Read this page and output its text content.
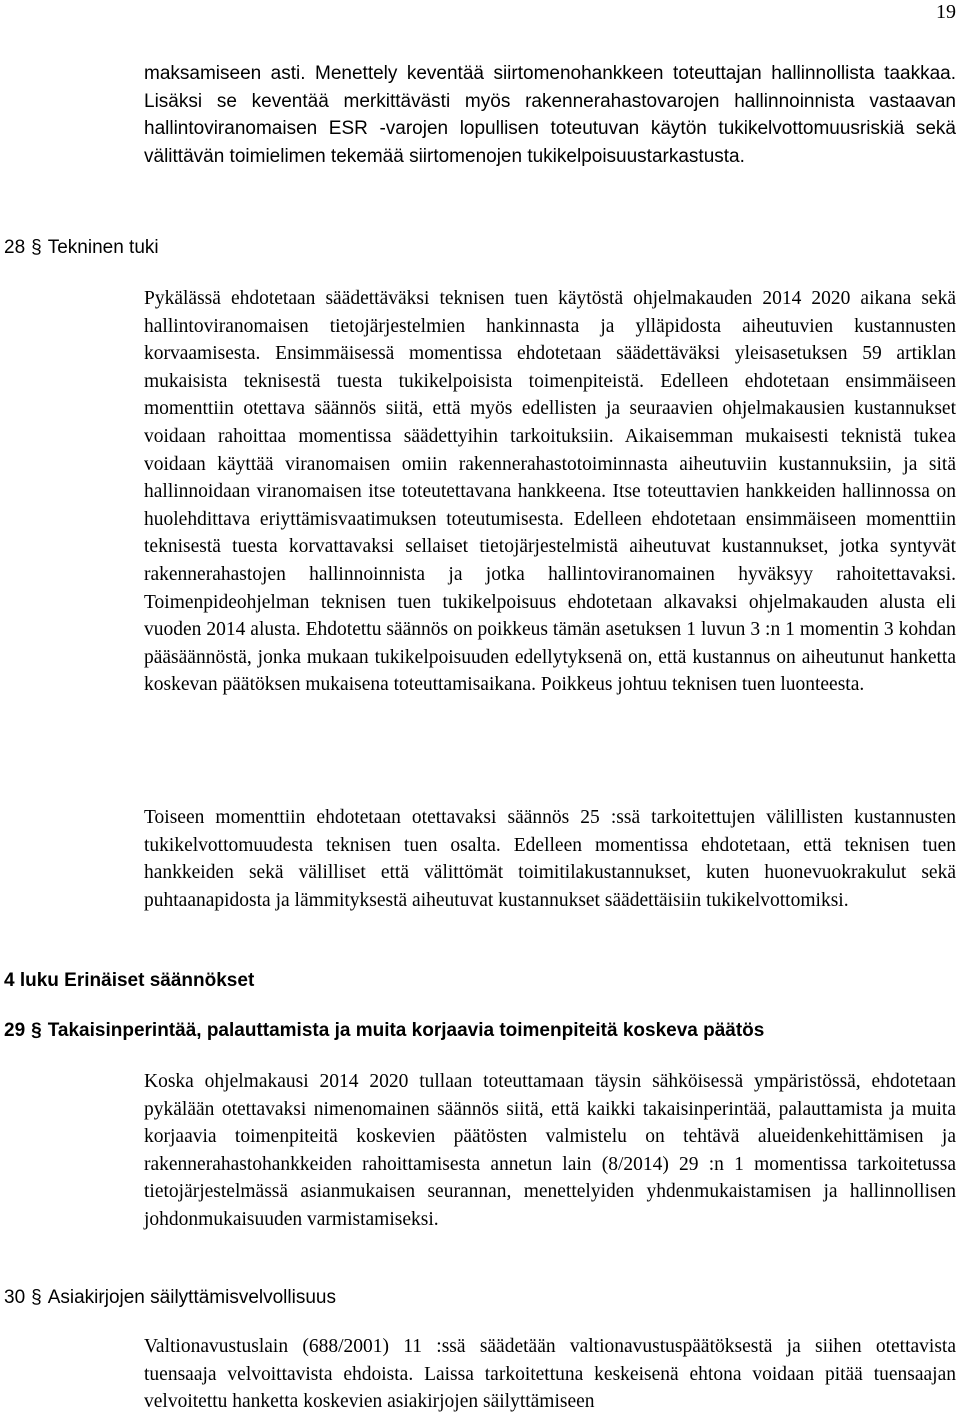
19

maksamiseen asti. Menettely keventää siirtomenohankkeen toteuttajan hallinnollista taakkaa. Lisäksi se keventää merkittävästi myös rakennerahastovarojen hallinnoinnista vastaavan hallintoviranomaisen ESR -varojen lopullisen toteutuvan käytön tukikelvottomuusriskiä sekä välittävän toimielimen tekemää siirtomenojen tukikelpoisuustarkastusta.

28 § Tekninen tuki

Pykälässä ehdotetaan säädettäväksi teknisen tuen käytöstä ohjelmakauden 2014 2020 aikana sekä hallintoviranomaisen tietojärjestelmien hankinnasta ja ylläpidosta aiheutuvien kustannusten korvaamisesta. Ensimmäisessä momentissa ehdotetaan säädettäväksi yleisasetuksen 59 artiklan mukaisista teknisestä tuesta tukikelpoisista toimenpiteistä. Edelleen ehdotetaan ensimmäiseen momenttiin otettava säännös siitä, että myös edellisten ja seuraavien ohjelmakausien kustannukset voidaan rahoittaa momentissa säädettyihin tarkoituksiin. Aikaisemman mukaisesti teknistä tukea voidaan käyttää viranomaisen omiin rakennerahastotoiminnasta aiheutuviin kustannuksiin, ja sitä hallinnoidaan viranomaisen itse toteutettavana hankkeena. Itse toteuttavien hankkeiden hallinnossa on huolehdittava eriyttämisvaatimuksen toteutumisesta. Edelleen ehdotetaan ensimmäiseen momenttiin teknisestä tuesta korvattavaksi sellaiset tietojärjestelmistä aiheutuvat kustannukset, jotka syntyvät rakennerahastojen hallinnoinnista ja jotka hallintoviranomainen hyväksyy rahoitettavaksi. Toimenpideohjelman teknisen tuen tukikelpoisuus ehdotetaan alkavaksi ohjelmakauden alusta eli vuoden 2014 alusta. Ehdotettu säännös on poikkeus tämän asetuksen 1 luvun 3 :n 1 momentin 3 kohdan pääsäännöstä, jonka mukaan tukikelpoisuuden edellytyksenä on, että kustannus on aiheutunut hanketta koskevan päätöksen mukaisena toteuttamisaikana. Poikkeus johtuu teknisen tuen luonteesta.

Toiseen momenttiin ehdotetaan otettavaksi säännös 25 :ssä tarkoitettujen välillisten kustannusten tukikelvottomuudesta teknisen tuen osalta. Edelleen momentissa ehdotetaan, että teknisen tuen hankkeiden sekä välilliset että välittömät toimitilakustannukset, kuten huonevuokrakulut sekä puhtaanapidosta ja lämmityksestä aiheutuvat kustannukset säädettäisiin tukikelvottomiksi.

4 luku Erinäiset säännökset
29 § Takaisinperintää, palauttamista ja muita korjaavia toimenpiteitä koskeva päätös

Koska ohjelmakausi 2014 2020 tullaan toteuttamaan täysin sähköisessä ympäristössä, ehdotetaan pykälään otettavaksi nimenomainen säännös siitä, että kaikki takaisinperintää, palauttamista ja muita korjaavia toimenpiteitä koskevien päätösten valmistelu on tehtävä alueidenkehittämisen ja rakennerahastohankkeiden rahoittamisesta annetun lain (8/2014) 29 :n 1 momentissa tarkoitetussa tietojärjestelmässä asianmukaisen seurannan, menettelyiden yhdenmukaistamisen ja hallinnollisen johdonmukaisuuden varmistamiseksi.

30 § Asiakirjojen säilyttämisvelvollisuus

Valtionavustuslain (688/2001) 11 :ssä säädetään valtionavustuspäätöksestä ja siihen otettavista tuensaaja velvoittavista ehdoista. Laissa tarkoitettuna keskeisenä ehtona voidaan pitää tuensaajan velvoitettu hanketta koskevien asiakirjojen säilyttämiseen
